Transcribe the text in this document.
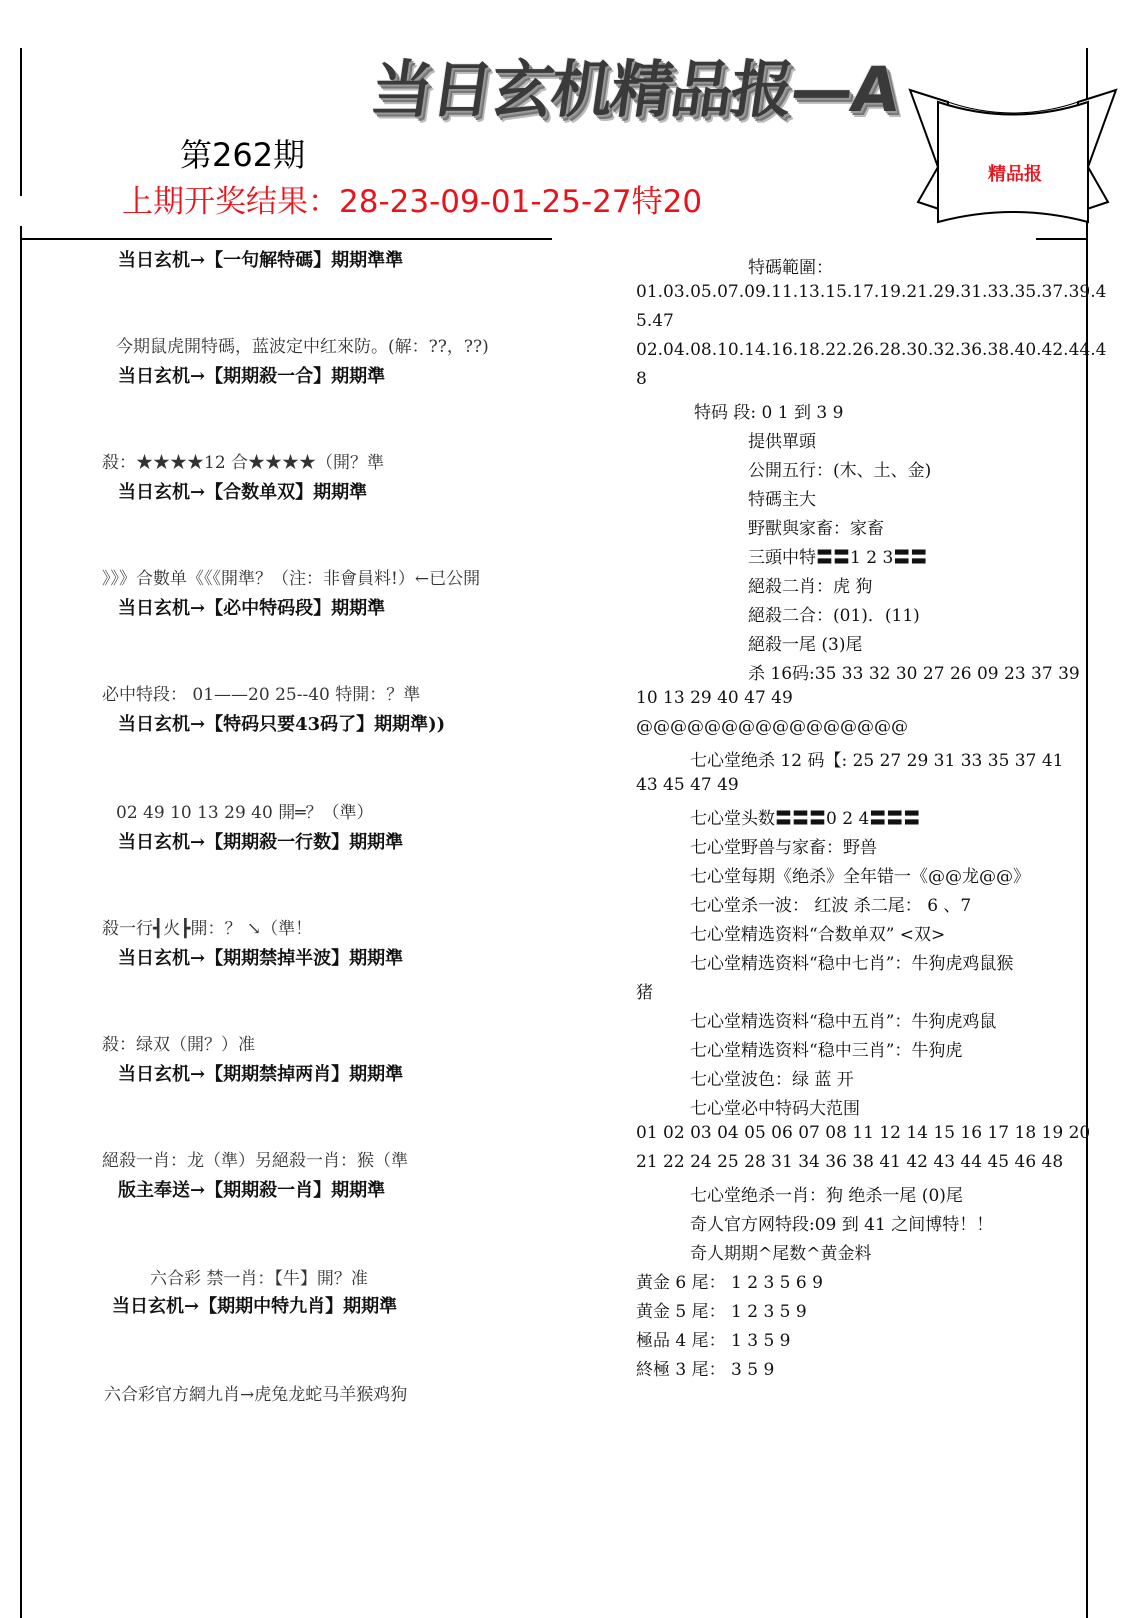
当日玄机精品报—A
第262期
上期开奖结果：28-23-09-01-25-27特20
精品报
当日玄机→【一句解特碼】期期準準
今期鼠虎開特碼，蓝波定中红來防。(解：??，??)
当日玄机→【期期殺一合】期期準
殺：★★★★12 合★★★★（開？準
当日玄机→【合数单双】期期準
》》》合數单《《《開準？（注：非會員料!）←已公開
当日玄机→【必中特码段】期期準
必中特段： 01——20 25--40 特開：？準
当日玄机→【特码只要43码了】期期準))
02 49 10 13 29 40 開═？（準）
当日玄机→【期期殺一行数】期期準
殺一行┫火┣開：？ ↘（準！
当日玄机→【期期禁掉半波】期期準
殺：绿双（開？）准
当日玄机→【期期禁掉两肖】期期準
絕殺一肖：龙（準）另絕殺一肖：猴（準
版主奉送→【期期殺一肖】期期準
六合彩 禁一肖：【牛】開？准
当日玄机→【期期中特九肖】期期準
六合彩官方網九肖→虎兔龙蛇马羊猴鸡狗
特碼範圍：
01.03.05.07.09.11.13.15.17.19.21.29.31.33.35.37.39.4
5.47
02.04.08.10.14.16.18.22.26.28.30.32.36.38.40.42.44.4
8
特码 段: 0 1 到 3 9
提供單頭
公開五行：(木、土、金)
特碼主大
野獸與家畜：家畜
三頭中特〓〓1 2 3〓〓
絕殺二肖：虎 狗
絕殺二合：(01)．(11)
絕殺一尾 (3)尾
杀 16码:35 33 32 30 27 26 09 23 37 39
10 13 29 40 47 49
@@@@@@@@@@@@@@@@
七心堂绝杀 12 码【: 25 27 29 31 33 35 37 41
43 45 47 49
七心堂头数〓〓〓0 2 4〓〓〓
七心堂野兽与家畜：野兽
七心堂每期《绝杀》全年错一《@@龙@@》
七心堂杀一波： 红波 杀二尾： 6 、7
七心堂精选资料“合数单双” <双>
七心堂精选资料“稳中七肖”：牛狗虎鸡鼠猴
猪
七心堂精选资料“稳中五肖”：牛狗虎鸡鼠
七心堂精选资料“稳中三肖”：牛狗虎
七心堂波色：绿 蓝 开
七心堂必中特码大范围
01 02 03 04 05 06 07 08 11 12 14 15 16 17 18 19 20
21 22 24 25 28 31 34 36 38 41 42 43 44 45 46 48
七心堂绝杀一肖：狗 绝杀一尾 (0)尾
奇人官方网特段:09 到 41 之间博特！！
奇人期期^尾数^黄金料
黄金 6 尾： 1 2 3 5 6 9
黄金 5 尾： 1 2 3 5 9
極品 4 尾： 1 3 5 9
終極 3 尾： 3 5 9
